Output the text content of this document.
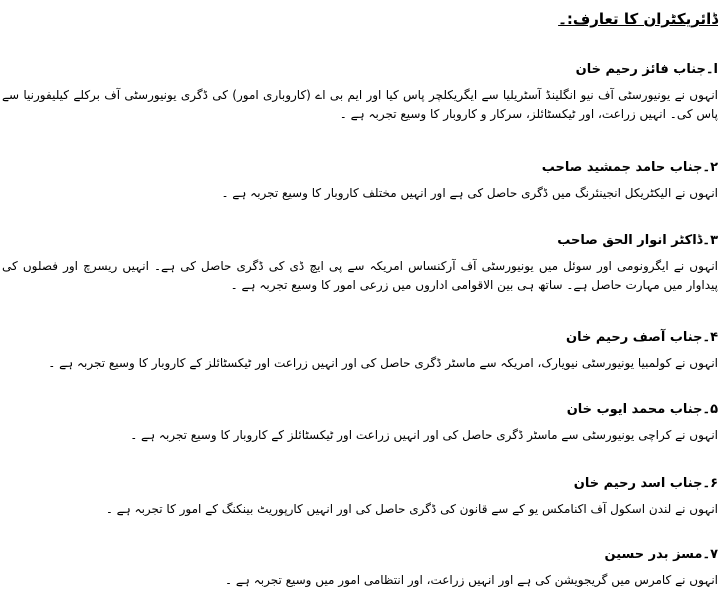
ڈائریکٹران کا تعارف:۔
ا۔جناب فائز رحیم خان

انہوں نے یونیورسٹی آف نیو انگلینڈ آسٹریلیا سے ایگریکلچر پاس کیا اور ایم بی اے (کاروباری امور) کی ڈگری یونیورسٹی آف برکلے کیلیفورنیا سے پاس کی۔ انہیں زراعت، اور ٹیکسٹائلز، سرکار و کاروبار کا وسیع تجربہ ہے ۔

۲۔جناب حامد جمشید صاحب

انہوں نے الیکٹریکل انجینئرنگ میں ڈگری حاصل کی ہے اور انہیں مختلف کاروبار کا وسیع تجربہ ہے ۔

۳۔ڈاکٹر انوار الحق صاحب

انہوں نے ایگرونومی اور سوئل میں یونیورسٹی آف آرکنساس امریکہ سے پی ایچ ڈی کی ڈگری حاصل کی ہے۔ انہیں ریسرچ اور فصلوں کی پیداوار میں مہارت حاصل ہے۔ ساتھ ہی بین الاقوامی اداروں میں زرعی امور کا وسیع تجربہ ہے ۔

۴۔جناب آصف رحیم خان

انہوں نے کولمبیا یونیورسٹی نیویارک، امریکہ سے ماسٹر ڈگری حاصل کی اور انہیں زراعت اور ٹیکسٹائلز کے کاروبار کا وسیع تجربہ ہے ۔

۵۔جناب محمد ایوب خان

انہوں نے کراچی یونیورسٹی سے ماسٹر ڈگری حاصل کی اور انہیں زراعت اور ٹیکسٹائلز کے کاروبار کا وسیع تجربہ ہے ۔

۶۔جناب اسد رحیم خان

انہوں نے لندن اسکول آف اکنامکس یو کے سے قانون کی ڈگری حاصل کی اور انہیں کارپوریٹ بینکنگ کے امور کا تجربہ ہے ۔

۷۔مسز بدر حسین

انہوں نے کامرس میں گریجویشن کی ہے اور انہیں زراعت، اور انتظامی امور میں وسیع تجربہ ہے ۔
